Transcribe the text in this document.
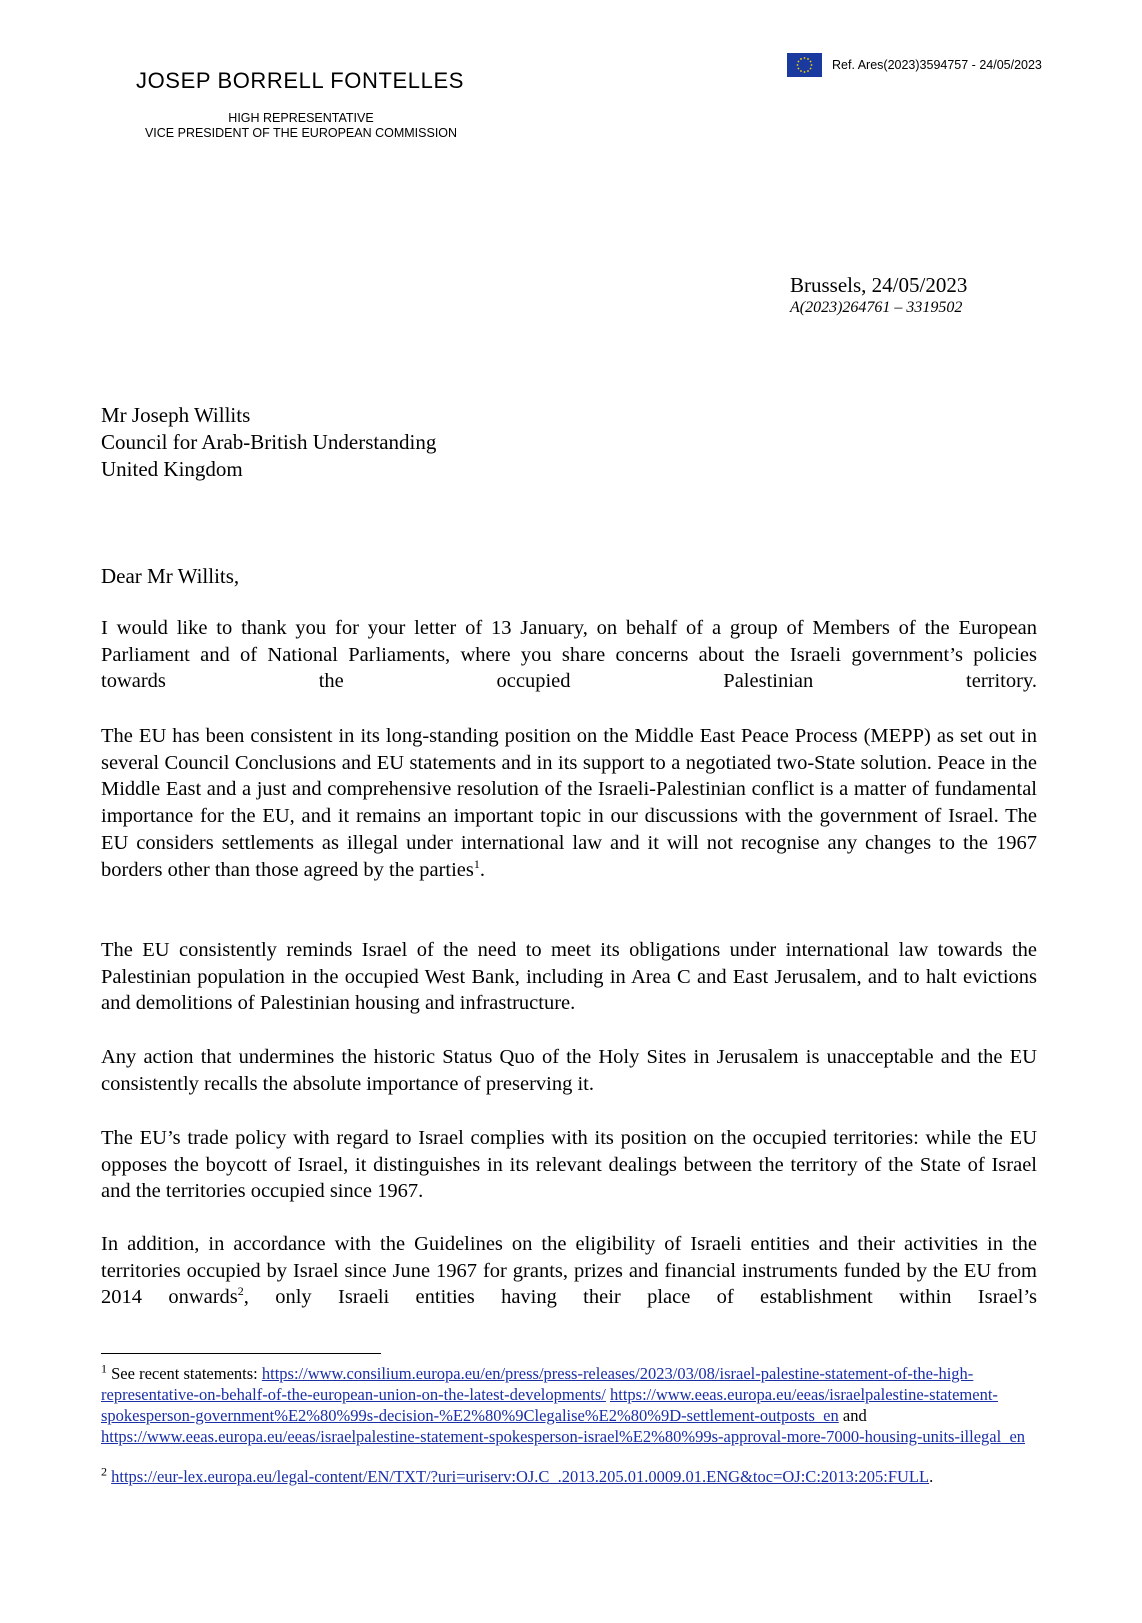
JOSEP BORRELL FONTELLES
HIGH REPRESENTATIVE
VICE PRESIDENT OF THE EUROPEAN COMMISSION
Ref. Ares(2023)3594757 - 24/05/2023
Brussels, 24/05/2023
A(2023)264761 – 3319502
Mr Joseph Willits
Council for Arab-British Understanding
United Kingdom
Dear Mr Willits,
I would like to thank you for your letter of 13 January, on behalf of a group of Members of the European Parliament and of National Parliaments, where you share concerns about the Israeli government’s policies towards the occupied Palestinian territory.
The EU has been consistent in its long-standing position on the Middle East Peace Process (MEPP) as set out in several Council Conclusions and EU statements and in its support to a negotiated two-State solution. Peace in the Middle East and a just and comprehensive resolution of the Israeli-Palestinian conflict is a matter of fundamental importance for the EU, and it remains an important topic in our discussions with the government of Israel. The EU considers settlements as illegal under international law and it will not recognise any changes to the 1967 borders other than those agreed by the parties$^1$.
The EU consistently reminds Israel of the need to meet its obligations under international law towards the Palestinian population in the occupied West Bank, including in Area C and East Jerusalem, and to halt evictions and demolitions of Palestinian housing and infrastructure.
Any action that undermines the historic Status Quo of the Holy Sites in Jerusalem is unacceptable and the EU consistently recalls the absolute importance of preserving it.
The EU’s trade policy with regard to Israel complies with its position on the occupied territories: while the EU opposes the boycott of Israel, it distinguishes in its relevant dealings between the territory of the State of Israel and the territories occupied since 1967.
In addition, in accordance with the Guidelines on the eligibility of Israeli entities and their activities in the territories occupied by Israel since June 1967 for grants, prizes and financial instruments funded by the EU from 2014 onwards$^2$, only Israeli entities having their place of establishment within Israel’s
$^1$ See recent statements: https://www.consilium.europa.eu/en/press/press-releases/2023/03/08/israel-palestine-statement-of-the-high-representative-on-behalf-of-the-european-union-on-the-latest-developments/ https://www.eeas.europa.eu/eeas/israelpalestine-statement-spokesperson-government%E2%80%99s-decision-%E2%80%9Clegalise%E2%80%9D-settlement-outposts_en and https://www.eeas.europa.eu/eeas/israelpalestine-statement-spokesperson-israel%E2%80%99s-approval-more-7000-housing-units-illegal_en
$^2$ https://eur-lex.europa.eu/legal-content/EN/TXT/?uri=uriserv:OJ.C_.2013.205.01.0009.01.ENG&toc=OJ:C:2013:205:FULL.
